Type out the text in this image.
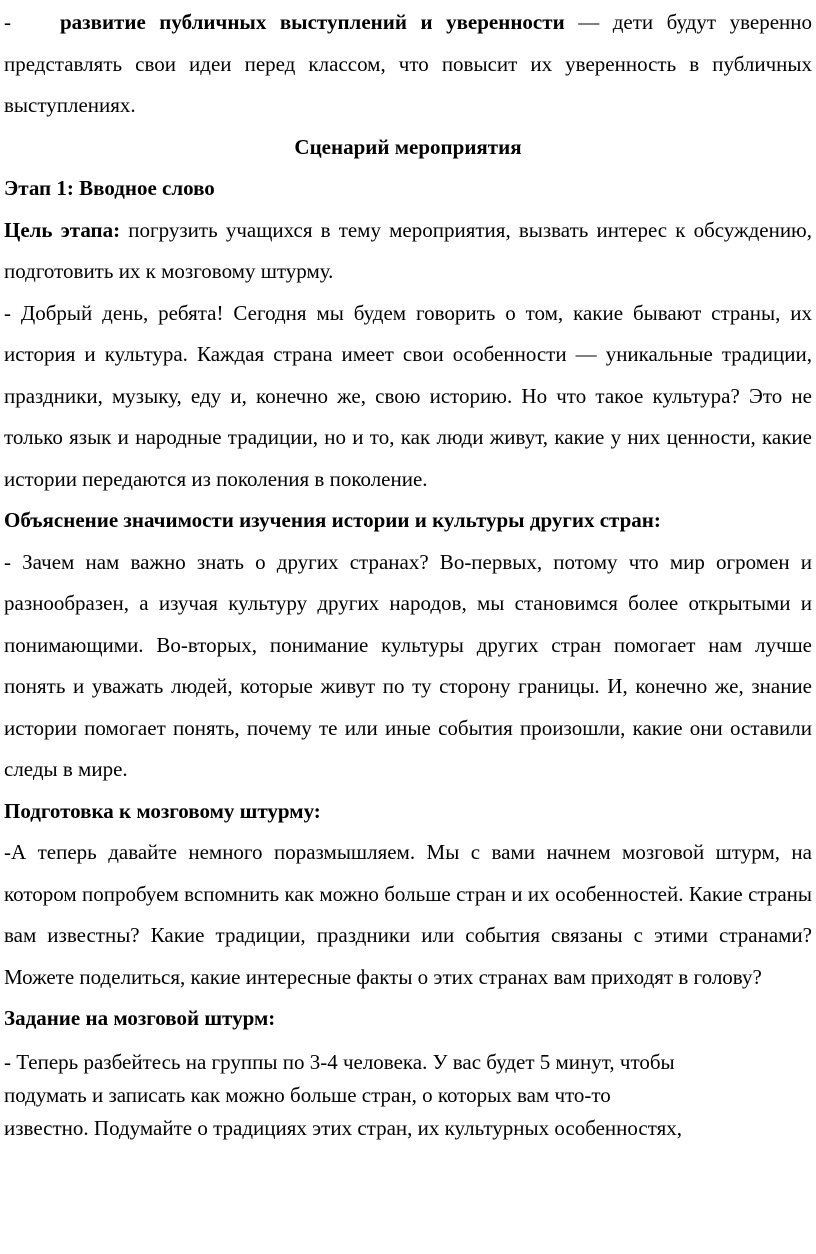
- развитие публичных выступлений и уверенности — дети будут уверенно представлять свои идеи перед классом, что повысит их уверенность в публичных выступлениях.

Сценарий мероприятия

Этап 1: Вводное слово

Цель этапа: погрузить учащихся в тему мероприятия, вызвать интерес к обсуждению, подготовить их к мозговому штурму.

- Добрый день, ребята! Сегодня мы будем говорить о том, какие бывают страны, их история и культура. Каждая страна имеет свои особенности — уникальные традиции, праздники, музыку, еду и, конечно же, свою историю. Но что такое культура? Это не только язык и народные традиции, но и то, как люди живут, какие у них ценности, какие истории передаются из поколения в поколение.

Объяснение значимости изучения истории и культуры других стран:

- Зачем нам важно знать о других странах? Во-первых, потому что мир огромен и разнообразен, а изучая культуру других народов, мы становимся более открытыми и понимающими. Во-вторых, понимание культуры других стран помогает нам лучше понять и уважать людей, которые живут по ту сторону границы. И, конечно же, знание истории помогает понять, почему те или иные события произошли, какие они оставили следы в мире.

Подготовка к мозговому штурму:

-А теперь давайте немного поразмышляем. Мы с вами начнем мозговой штурм, на котором попробуем вспомнить как можно больше стран и их особенностей. Какие страны вам известны? Какие традиции, праздники или события связаны с этими странами? Можете поделиться, какие интересные факты о этих странах вам приходят в голову?

Задание на мозговой штурм:

- Теперь разбейтесь на группы по 3-4 человека. У вас будет 5 минут, чтобы
подумать и записать как можно больше стран, о которых вам что-то
известно. Подумайте о традициях этих стран, их культурных особенностях,
